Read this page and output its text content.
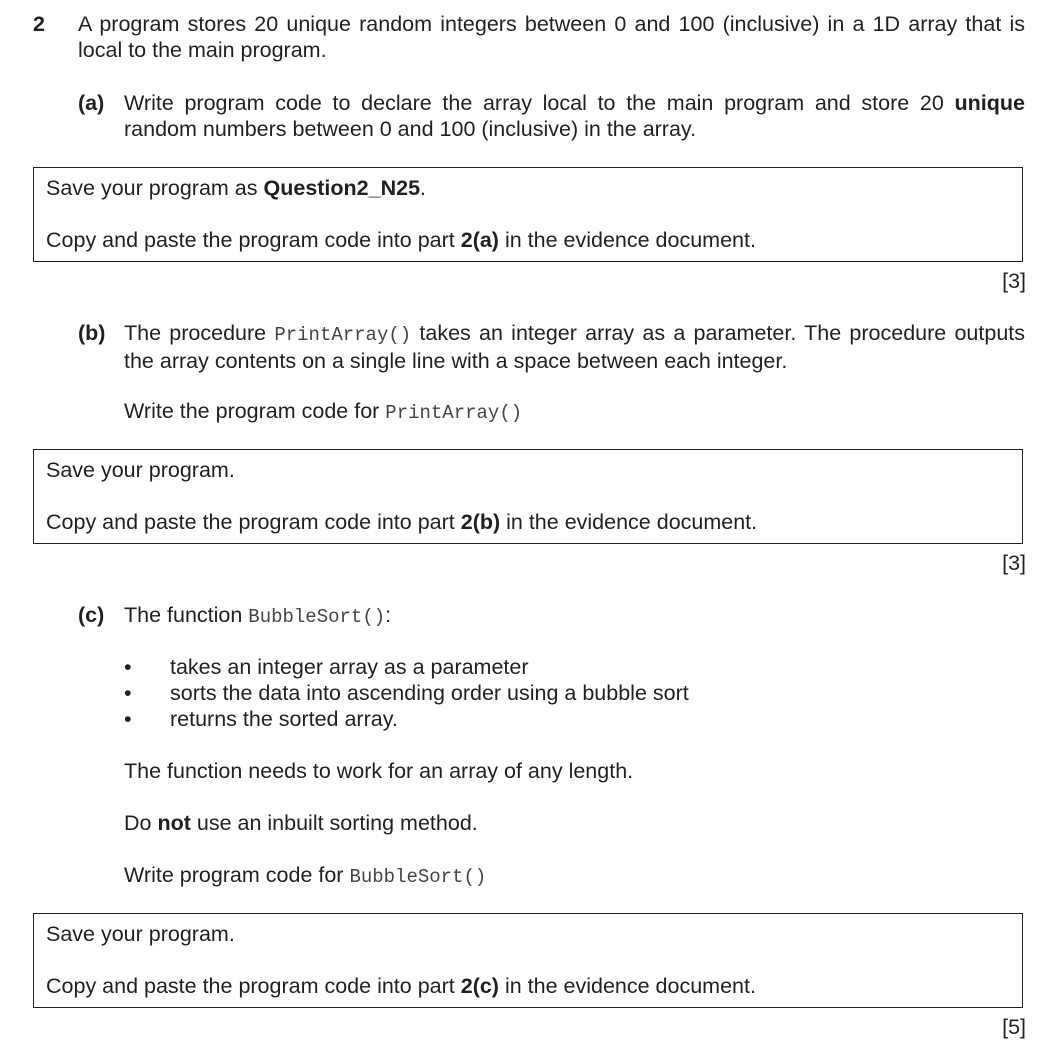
2 A program stores 20 unique random integers between 0 and 100 (inclusive) in a 1D array that is local to the main program.
(a) Write program code to declare the array local to the main program and store 20 unique random numbers between 0 and 100 (inclusive) in the array.
Save your program as Question2_N25.
Copy and paste the program code into part 2(a) in the evidence document.
[3]
(b) The procedure PrintArray() takes an integer array as a parameter. The procedure outputs the array contents on a single line with a space between each integer.
Write the program code for PrintArray()
Save your program.
Copy and paste the program code into part 2(b) in the evidence document.
[3]
(c) The function BubbleSort():
• takes an integer array as a parameter
• sorts the data into ascending order using a bubble sort
• returns the sorted array.
The function needs to work for an array of any length.
Do not use an inbuilt sorting method.
Write program code for BubbleSort()
Save your program.
Copy and paste the program code into part 2(c) in the evidence document.
[5]
